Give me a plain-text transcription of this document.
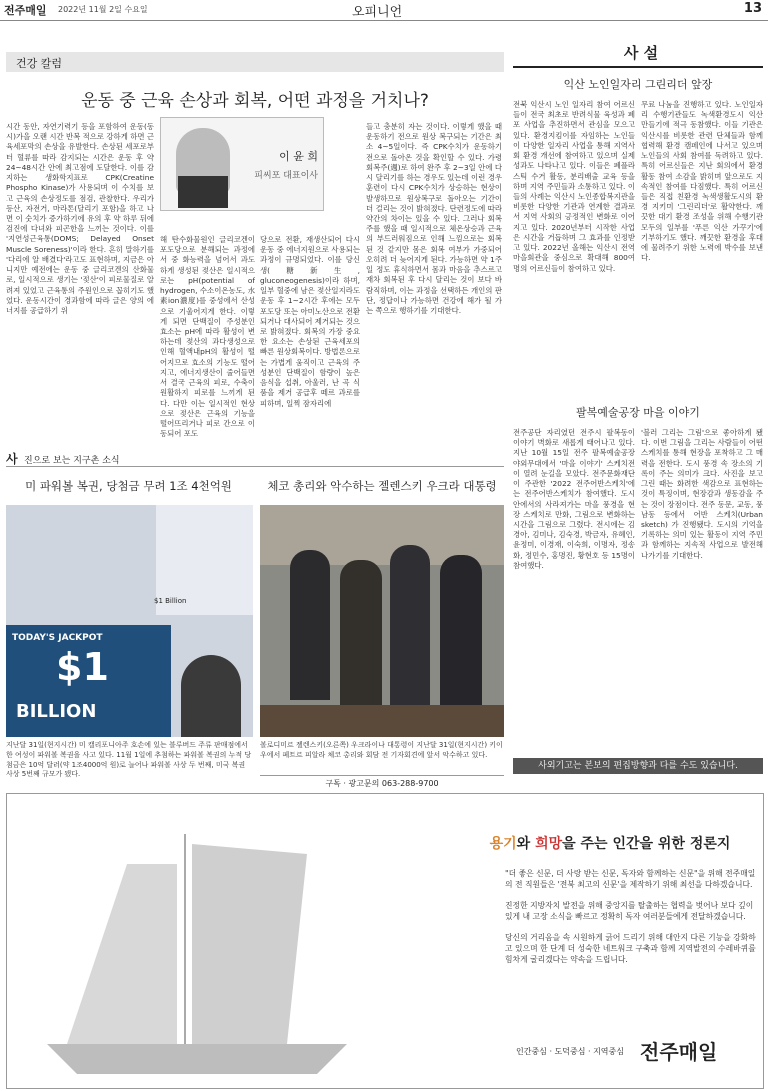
전주매일 2022년 11월 2일 수요일	오피니언	13
건강 칼럼
운동 중 근육 손상과 회복, 어떤 과정을 거치나?
이 윤 희
피씨포 대표이사
시간 동안, 자연기력기 등을 포함하여 운동(동 시)가을 오랜 시간 반복 적으로 강하게 하면 근육세포막의 손상을 유발한다. 손상된 세포로부터 혈류를 따라 감지되는 시간은 운동 후 약 24~48시간 안에 최고점에 도달한다. 이를 감지하는 생화학지표로 CPK(Creatine Phospho Kinase)가 사용되며 이 수치를 보고 근육의 손상정도를 점검, 관찰한다. 우리가 등산, 자전거, 마라톤(달리기 포함)을 하고 나면 이 숫치가 증가하기에 유의 후 약 하루 뒤에 검진에 다녀와 피곤한을 느끼는 것이다. 이를 '지연성근육통(DOMS; Delayed Onset Muscle Soreness)'이라 한다. 흔히 말하기를 '다리에 알 배겼다'라고도 표현하며, 지금은 아니지만 예전에는 운동 중 글리코겐의 산화물로, 일시적으로 생기는 '젖산'이 피로물질로 알려져 있었고 근육통의 주원인으로 꼽히기도 했었다. 운동시간이 경과함에 따라 글은 양의 에너지를 공급하기 위
해 탄수화물원인 글리코겐이 포도당으로 분해되는 과정에서 중 화능력을 넘어서 과도하게 생성된 젖산은 일시적으로는 pH(potential of hydrogen, 수소이온농도, 水素ion濃度)를 중성에서 산성으로 기울어지게 한다. 이렇게 되면 단백질이 주성분인 효소는 pH에 따라 활성이 변하는데 젖산의 과다생성으로 인해 혈액내pH의 활성이 떨어지므로 효소의 기능도 떨어지고, 에너지생산이 줄어들면서 결국 근육의 피로, 수축이 원활하지 피로를 느끼게 된다. 다만 이는 일시적인 현상으로 젖산은 근육의 기능을 떨어뜨리거나 피로 간으로 이동되어 포도
당으로 전환, 재생산되어 다시 운동 중 에너지원으로 사용되는 과정이 규명되었다. 이를 당신생(糖新生, gluconeogenesis)이라 하며, 일부 혈중에 남은 젖산일지라도 운동 후 1~2시간 후에는 모두 포도당 또는 아미노산으로 전환되거나 대사되어 제거되는 것으로 밝혀졌다. 회복의 가장 중요한 요소는 손상된 근육세포의 빠른 원상회복이다. 방법론으로는 가볍게 움직이고 근육의 주성분인 단백질이 함량이 높은 음식을 섭취, 아울러, 난 곡 식품을 제거 공급후 떼르 과로를 피하며, 일찍 잠자리에
들고 충분히 자는 것이다. 이렇게 했을 때 운동하기 전으로 원상 복구되는 기간은 최소 4~5일이다. 즉 CPK수치가 운동하기 전으로 돌아온 것을 확인할 수 있다. 가령 회복주(週)로 하여 완주 후 2~3일 안에 다시 달리기를 하는 경우도 있는데 이런 경우 훈련이 다시 CPK수치가 상승하는 현상이 발생하므로 원상복구로 돌아오는 기간이 더 걸리는 것이 밝혀졌다. 단련정도에 따라 약간의 차이는 있을 수 있다. 그러나 회복 주를 했을 때 일시적으로 체온상승과 근육의 부드러워짐으로 인해 느낌으로는 회복된 것 같지만 몸은 회복 여부가 가중되어 오히려 더 늦어지게 된다. 가능하면 약 1주일 정도 휴식하면서 몸과 마음을 추스르고 재차 회복된 후 다시 달리는 것이 보다 바람직하며, 이는 과정을 선택하든 개인의 판단, 정답이나 가능하면 건강에 해가 될 가는 쪽으로 행하기를 기대한다.
사 설
익산 노인일자리 그린리더 앞장
전북 익산시 노인 일자리 참여 어르신들이 전국 최초로 반려식물 육성과 폐포 사업을 추진하면서 관심을 모으고 있다. 환경지킴이를 자임하는 노인들이 다양한 일자리 사업을 통해 지역사회 환경 개선에 참여하고 있으며 실제 성과도 나타나고 있다. 이들은 폐플라스틱 수거 활동, 분리배출 교육 등을 하며 지역 주민들과 소통하고 있다. 이들의 사례는 익산시 노인종합복지관을 비롯한 다양한 기관과 연계한 결과로서 지역 사회의 긍정적인 변화로 이어지고 있다. 2020년부터 시작한 사업은 시간을 거듭하며 그 효과를 인정받고 있다. 2022년 올해는 익산시 전역 마을회관을 중심으로 확대해 800여 명의 어르신들이 참여하고 있다.
무료 나눔을 진행하고 있다. 노인일자리 수행기관들도 녹색환경도시 익산 만들기에 적극 동참했다. 이들 기관은 익산시를 비롯한 관련 단체들과 함께 협력해 환경 캠페인에 나서고 있으며 노인들의 사회 참여를 독려하고 있다. 특히 어르신들은 지난 회의에서 환경 활동 참여 소감을 밝히며 앞으로도 지속적인 참여를 다짐했다. 특히 어르신들은 직접 친환경 녹색생활도시의 환경 지키미 '그린리더'로 활약한다. 깨끗한 대기 환경 조성을 위해 수행기관 모두의 일부를 '푸른 익산 가꾸기'에 기부하기도 했다. 깨끗한 환경을 후대에 물려주기 위한 노력에 박수를 보낸다.
팔복예술공장 마을 이야기
전주공단 자리였던 전주시 팔복동이 이야기 벽화로 새롭게 태어나고 있다. 지난 10월 15일 전주 팔복예술공장 야외무대에서 '마을 이야기' 스케치전이 열려 눈길을 모았다. 전주문화재단이 주관한 '2022 전주어반스케치'에는 전주어반스케치가 참여했다. 도시 안에서의 사라져가는 마을 풍경을 현장 스케치로 만화, 그림으로 변화하는 시간을 그림으로 그렸다. 전시에는 김경아, 김미나, 김숙경, 박금자, 유혜인, 윤정미, 이경재, 이숙희, 이명자, 정송화, 정민수, 홍명진, 황현호 등 15명이 참여했다.
'블러 그리는 그림'으로 좋아하게 됐다. 이번 그림을 그리는 사람들이 어떤 스케치를 통해 현장을 포착하고 그 매력을 전한다. 도시 풍경 속 장소의 기록이 주는 의미가 크다. 사진을 보고 그린 때는 화려한 색감으로 표현하는 것이 특징이며, 현장감과 생동감을 주는 것이 장점이다. 전주 동문, 교동, 풍남동 등에서 어반 스케치(Urban sketch) 가 진행됐다. 도시의 기억을 기록하는 의미 있는 활동이 지역 주민과 함께하는 지속적 사업으로 발전해 나가기를 기대한다.
사외기고는 본보의 편집방향과 다를 수도 있습니다.
사 진으로 보는 지구촌 소식
미 파워볼 복권, 당첨금 무려 1조 4천억원	체코 총리와 악수하는 젤렌스키 우크라 대통령
$1 Billion
TODAY'S JACKPOT
$1
BILLION
지난달 31일(현지시간) 미 캘리포니아주 호손에 있는 블루버드 주류 판매점에서 한 여성이 파워볼 복권을 사고 있다. 11월 1일에 추첨하는 파워볼 복권의 누적 당첨금은 10억 달러(약 1조4000억 원)로 늘어나 파워볼 사상 두 번째, 미국 복권 사상 5번째 규모가 됐다.
볼로디미르 젤렌스키(오른쪽) 우크라이나 대통령이 지난달 31일(현지시간) 키이우에서 페트르 피알라 체코 총리와 회담 전 기자회견에 앞서 악수하고 있다.
구독 · 광고문의 063-288-9700
용기와 희망을 주는 인간을 위한 정론지

"더 좋은 신문, 더 사랑 받는 신문, 독자와 함께하는 신문"을 위해 전주매일의 전 직원들은 '전북 최고의 신문'을 제작하기 위해 최선을 다하겠습니다.

진정한 지방자치 발전을 위해 중앙지를 탈출하는 협력을 벗어나 보다 깊이 있게 내 고장 소식을 빠르고 정확히 독자 여러분들에게 전달하겠습니다.

당신의 거리음을 속 시원하게 긁어 드리기 위해 대안지 다른 기능을 강화하고 있으며 한 단계 더 성숙한 네트워크 구축과 함께 지역발전의 수레바퀴를 힘차게 굴리겠다는 약속을 드립니다.

인간중심 · 도덕중심 · 지역중심 전주매일
